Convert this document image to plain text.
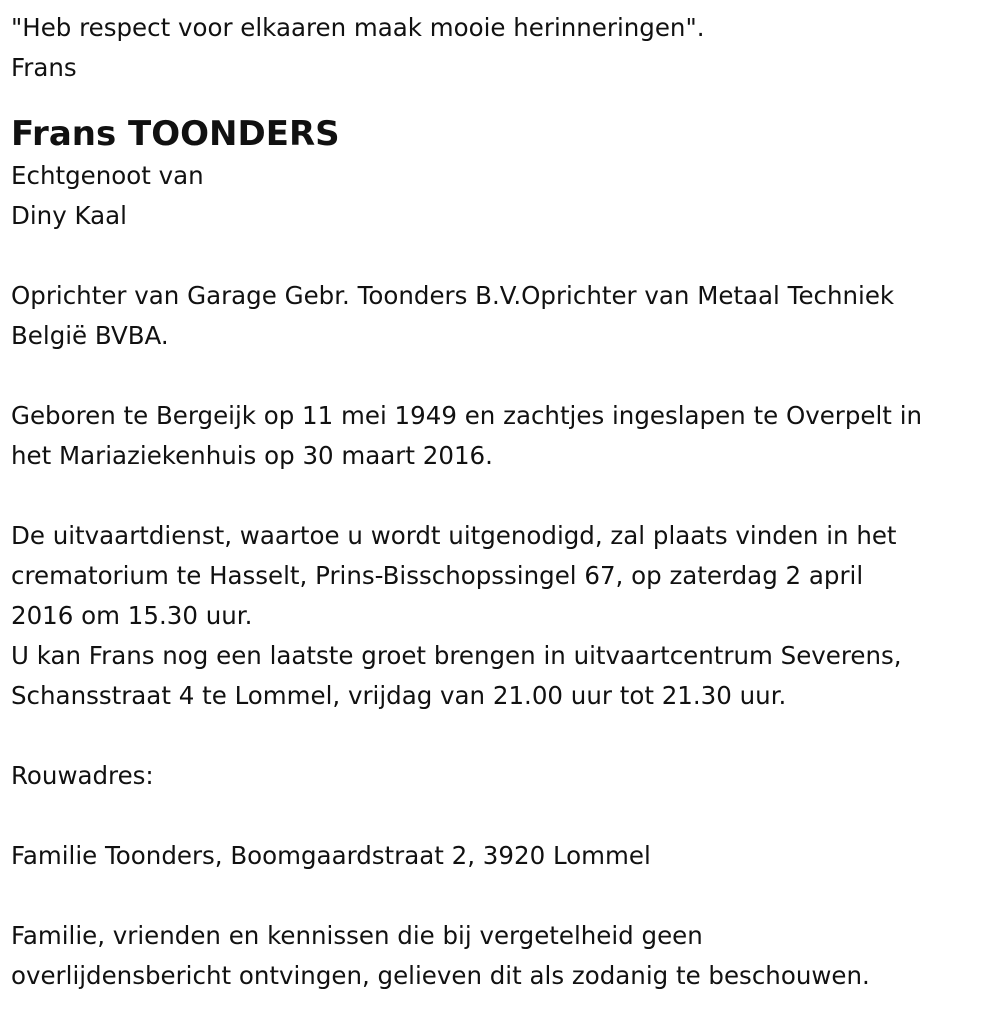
"Heb respect voor elkaaren maak mooie herinneringen".
Frans
Frans TOONDERS
Echtgenoot van
Diny Kaal
Oprichter van Garage Gebr. Toonders B.V.Oprichter van Metaal Techniek
België BVBA.
Geboren te Bergeijk op 11 mei 1949 en zachtjes ingeslapen te Overpelt in
het Mariaziekenhuis op 30 maart 2016.
De uitvaartdienst, waartoe u wordt uitgenodigd, zal plaats vinden in het
crematorium te Hasselt, Prins-Bisschopssingel 67, op zaterdag 2 april
2016 om 15.30 uur.
U kan Frans nog een laatste groet brengen in uitvaartcentrum Severens,
Schansstraat 4 te Lommel, vrijdag van 21.00 uur tot 21.30 uur.
Rouwadres:
Familie Toonders, Boomgaardstraat 2, 3920 Lommel
Familie, vrienden en kennissen die bij vergetelheid geen
overlijdensbericht ontvingen, gelieven dit als zodanig te beschouwen.
